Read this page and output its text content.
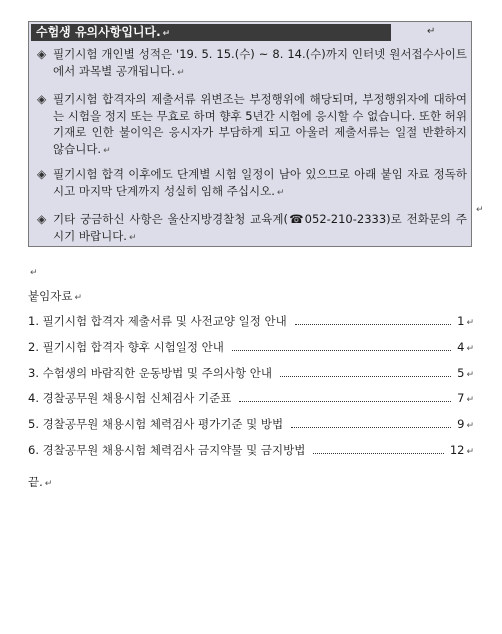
수험생 유의사항입니다. ↵	↵
◈ 필기시험 개인별 성적은 '19. 5. 15.(수) ~ 8. 14.(수)까지 인터넷 원서접수사이트에서 과목별 공개됩니다. ↵
◈ 필기시험 합격자의 제출서류 위변조는 부정행위에 해당되며, 부정행위자에 대하여는 시험을 정지 또는 무효로 하며 향후 5년간 시험에 응시할 수 없습니다. 또한 허위기재로 인한 불이익은 응시자가 부담하게 되고 아울러 제출서류는 일절 반환하지 않습니다. ↵
◈ 필기시험 합격 이후에도 단계별 시험 일정이 남아 있으므로 아래 붙임 자료 정독하시고 마지막 단계까지 성실히 임해 주십시오. ↵
◈ 기타 궁금하신 사항은 울산지방경찰청 교육계(☎052-210-2333)로 전화문의 주시기 바랍니다. ↵
↵
↵
붙임자료 ↵
1. 필기시험 합격자 제출서류 및 사전교양 일정 안내	1 ↵
2. 필기시험 합격자 향후 시험일정 안내	4 ↵
3. 수험생의 바람직한 운동방법 및 주의사항 안내	5 ↵
4. 경찰공무원 채용시험 신체검사 기준표	7 ↵
5. 경찰공무원 채용시험 체력검사 평가기준 및 방법	9 ↵
6. 경찰공무원 채용시험 체력검사 금지약물 및 금지방법	12 ↵
끝. ↵
